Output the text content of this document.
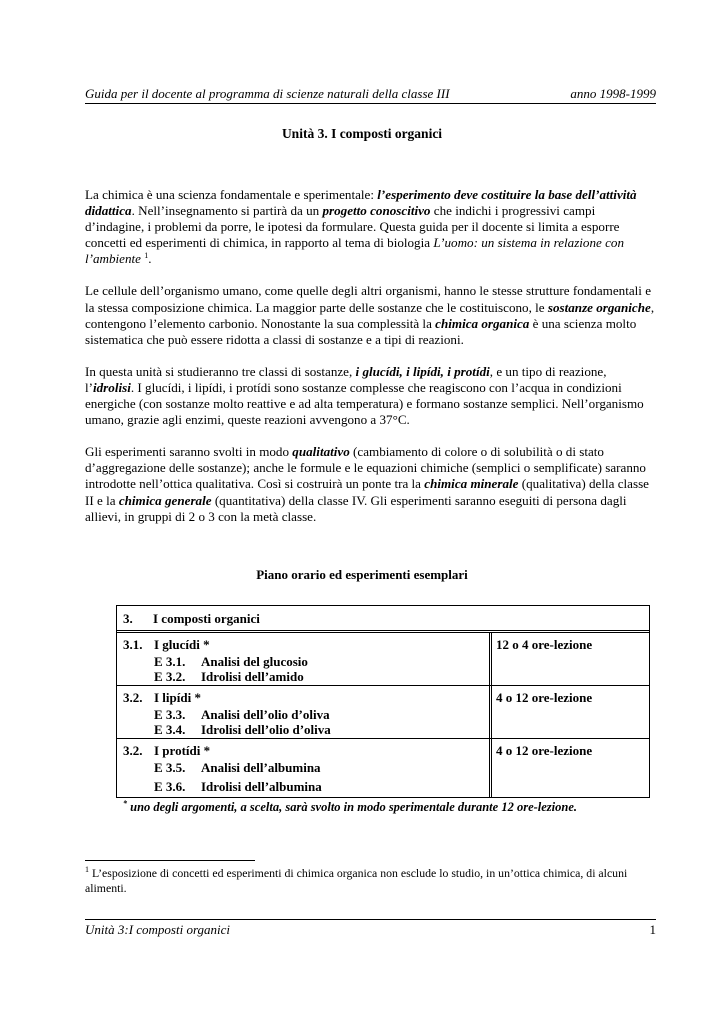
Guida per il docente al programma di scienze naturali della classe III	anno 1998-1999
Unità 3. I composti organici

La chimica è una scienza fondamentale e sperimentale: l’esperimento deve costituire la base dell’attività didattica. Nell’insegnamento si partirà da un progetto conoscitivo che indichi i progressivi campi d’indagine, i problemi da porre, le ipotesi da formulare. Questa guida per il docente si limita a esporre concetti ed esperimenti di chimica, in rapporto al tema di biologia L’uomo: un sistema in relazione con l’ambiente $^1$.

Le cellule dell’organismo umano, come quelle degli altri organismi, hanno le stesse strutture fondamentali e la stessa composizione chimica. La maggior parte delle sostanze che le costituiscono, le sostanze organiche, contengono l’elemento carbonio. Nonostante la sua complessità la chimica organica è una scienza molto sistematica che può essere ridotta a classi di sostanze e a tipi di reazioni.

In questa unità si studieranno tre classi di sostanze, i glucídi, i lipídi, i protídi, e un tipo di reazione, l’idrolisi. I glucídi, i lipídi, i protídi sono sostanze complesse che reagiscono con l’acqua in condizioni energiche (con sostanze molto reattive e ad alta temperatura) e formano sostanze semplici. Nell’organismo umano, grazie agli enzimi, queste reazioni avvengono a 37°C.

Gli esperimenti saranno svolti in modo qualitativo (cambiamento di colore o di solubilità o di stato d’aggregazione delle sostanze); anche le formule e le equazioni chimiche (semplici o semplificate) saranno introdotte nell’ottica qualitativa. Così si costruirà un ponte tra la chimica minerale (qualitativa) della classe II e la chimica generale (quantitativa) della classe IV. Gli esperimenti saranno eseguiti di persona dagli allievi, in gruppi di 2 o 3 con la metà classe.

Piano orario ed esperimenti esemplari
3. I composti organici
3.1. I glucídi *	12 o 4 ore-lezione
E 3.1. Analisi del glucosio
E 3.2. Idrolisi dell’amido
3.2. I lipídi *	4 o 12 ore-lezione
E 3.3. Analisi dell’olio d’oliva
E 3.4. Idrolisi dell’olio d’oliva
3.2. I protídi *	4 o 12 ore-lezione
E 3.5. Analisi dell’albumina
E 3.6. Idrolisi dell’albumina
* uno degli argomenti, a scelta, sarà svolto in modo sperimentale durante 12 ore-lezione.
$^1$ L’esposizione di concetti ed esperimenti di chimica organica non esclude lo studio, in un’ottica chimica, di alcuni alimenti.
Unità 3:I composti organici	1
